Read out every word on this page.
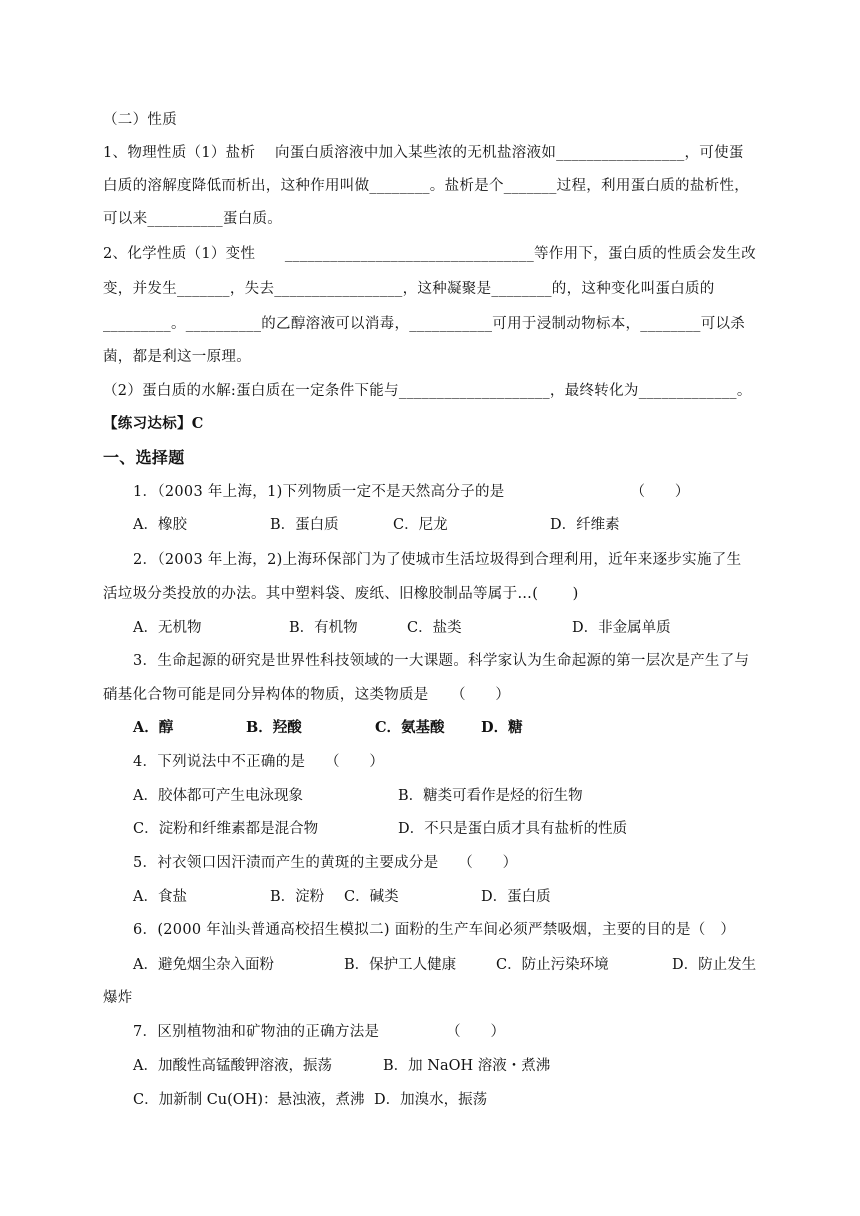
（二）性质
1、物理性质（1）盐析　 向蛋白质溶液中加入某些浓的无机盐溶液如_________________，可使蛋
白质的溶解度降低而析出，这种作用叫做________。盐析是个_______过程，利用蛋白质的盐析性，
可以来__________蛋白质。
2、化学性质（1）变性　　_________________________________等作用下，蛋白质的性质会发生改
变，并发生_______，失去_________________，这种凝聚是________的，这种变化叫蛋白质的
_________。__________的乙醇溶液可以消毒，___________可用于浸制动物标本，________可以杀
菌，都是利这一原理。
（2）蛋白质的水解:蛋白质在一定条件下能与____________________，最终转化为_____________。
【练习达标】C
一、选择题
1．（2003 年上海，1)下列物质一定不是天然高分子的是　　　　　　　　　（　　）
A．橡胶	B．蛋白质	C．尼龙	D．纤维素
2．（2003 年上海，2)上海环保部门为了使城市生活垃圾得到合理利用，近年来逐步实施了生
活垃圾分类投放的办法。其中塑料袋、废纸、旧橡胶制品等属于…(　　 )
A．无机物	B．有机物	C．盐类	D．非金属单质
3．生命起源的研究是世界性科技领域的一大课题。科学家认为生命起源的第一层次是产生了与
硝基化合物可能是同分异构体的物质，这类物质是　　（　　）
A．醇	B．羟酸	C．氨基酸	D．糖
4．下列说法中不正确的是　 （　　）
A．胶体都可产生电泳现象	B．糖类可看作是烃的衍生物
C．淀粉和纤维素都是混合物	D．不只是蛋白质才具有盐析的性质
5．衬衣领口因汗渍而产生的黄斑的主要成分是　 （　　）
A．食盐	B．淀粉 C．碱类	D．蛋白质
6．(2000 年汕头普通高校招生模拟二) 面粉的生产车间必须严禁吸烟，主要的目的是（　）
A．避免烟尘杂入面粉	B．保护工人健康	C．防止污染环境	D．防止发生
爆炸
7．区别植物油和矿物油的正确方法是　　　　　（　　）
A．加酸性高锰酸钾溶液，振荡	B．加 NaOH 溶液・煮沸
C．加新制 Cu(OH)：悬浊液，煮沸 D．加溴水，振荡
